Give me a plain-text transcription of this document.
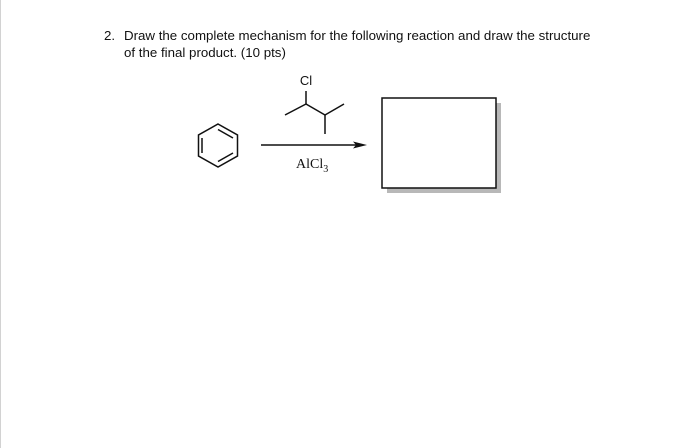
2. Draw the complete mechanism for the following reaction and draw the structure
of the final product. (10 pts)
Cl
AlCl$_3$
